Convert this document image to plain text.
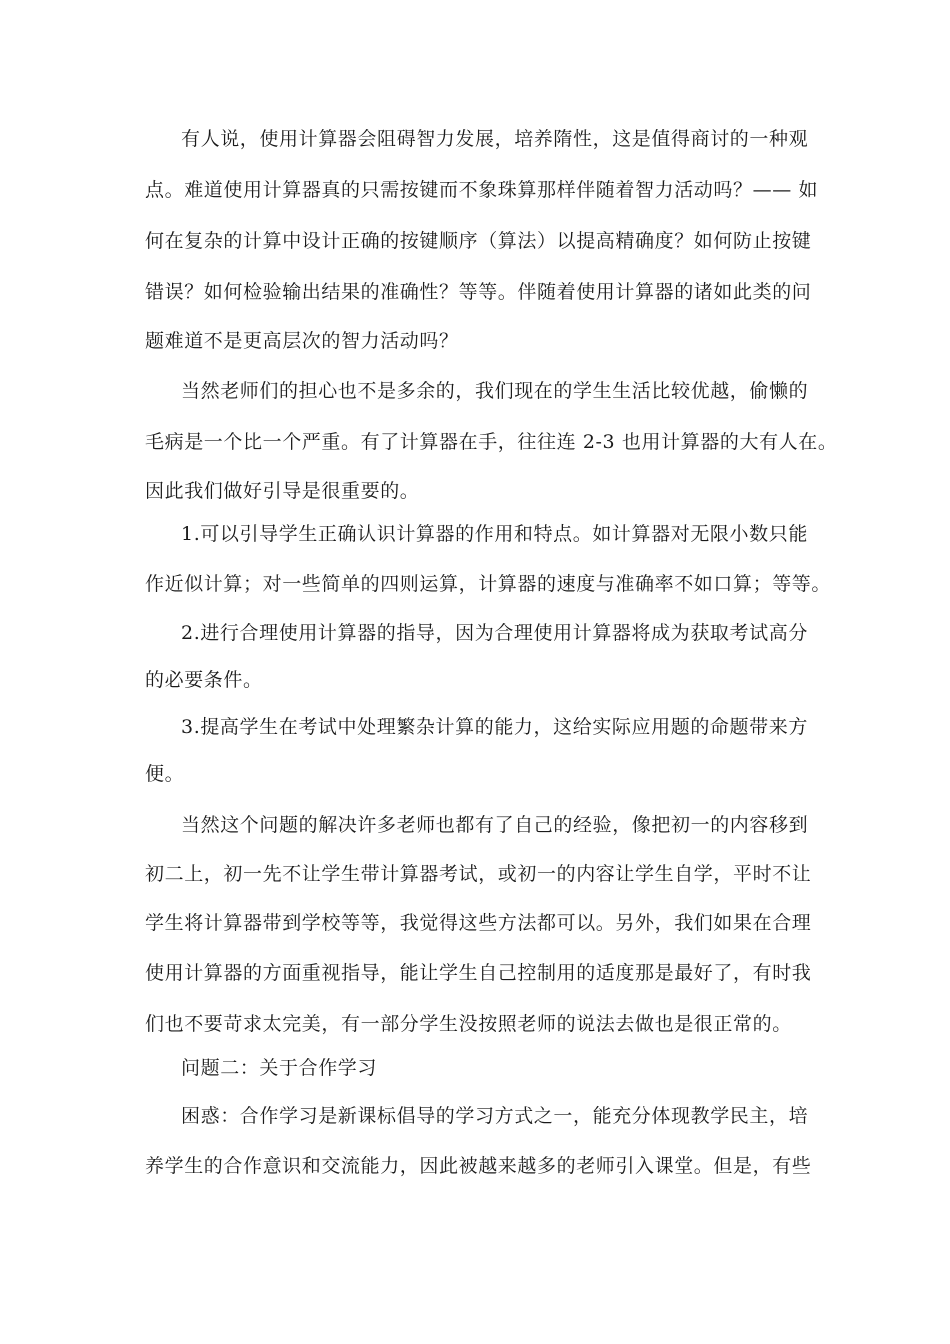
有人说，使用计算器会阻碍智力发展，培养隋性，这是值得商讨的一种观
点。难道使用计算器真的只需按键而不象珠算那样伴随着智力活动吗？—— 如
何在复杂的计算中设计正确的按键顺序（算法）以提高精确度？如何防止按键
错误？如何检验输出结果的准确性？等等。伴随着使用计算器的诸如此类的问
题难道不是更高层次的智力活动吗？
当然老师们的担心也不是多余的，我们现在的学生生活比较优越，偷懒的
毛病是一个比一个严重。有了计算器在手，往往连 2-3 也用计算器的大有人在。
因此我们做好引导是很重要的。
1.可以引导学生正确认识计算器的作用和特点。如计算器对无限小数只能
作近似计算；对一些简单的四则运算，计算器的速度与准确率不如口算；等等。
2.进行合理使用计算器的指导，因为合理使用计算器将成为获取考试高分
的必要条件。
3.提高学生在考试中处理繁杂计算的能力，这给实际应用题的命题带来方
便。
当然这个问题的解决许多老师也都有了自己的经验，像把初一的内容移到
初二上，初一先不让学生带计算器考试，或初一的内容让学生自学，平时不让
学生将计算器带到学校等等，我觉得这些方法都可以。另外，我们如果在合理
使用计算器的方面重视指导，能让学生自己控制用的适度那是最好了，有时我
们也不要苛求太完美，有一部分学生没按照老师的说法去做也是很正常的。
问题二：关于合作学习
困惑：合作学习是新课标倡导的学习方式之一，能充分体现教学民主，培
养学生的合作意识和交流能力，因此被越来越多的老师引入课堂。但是，有些
